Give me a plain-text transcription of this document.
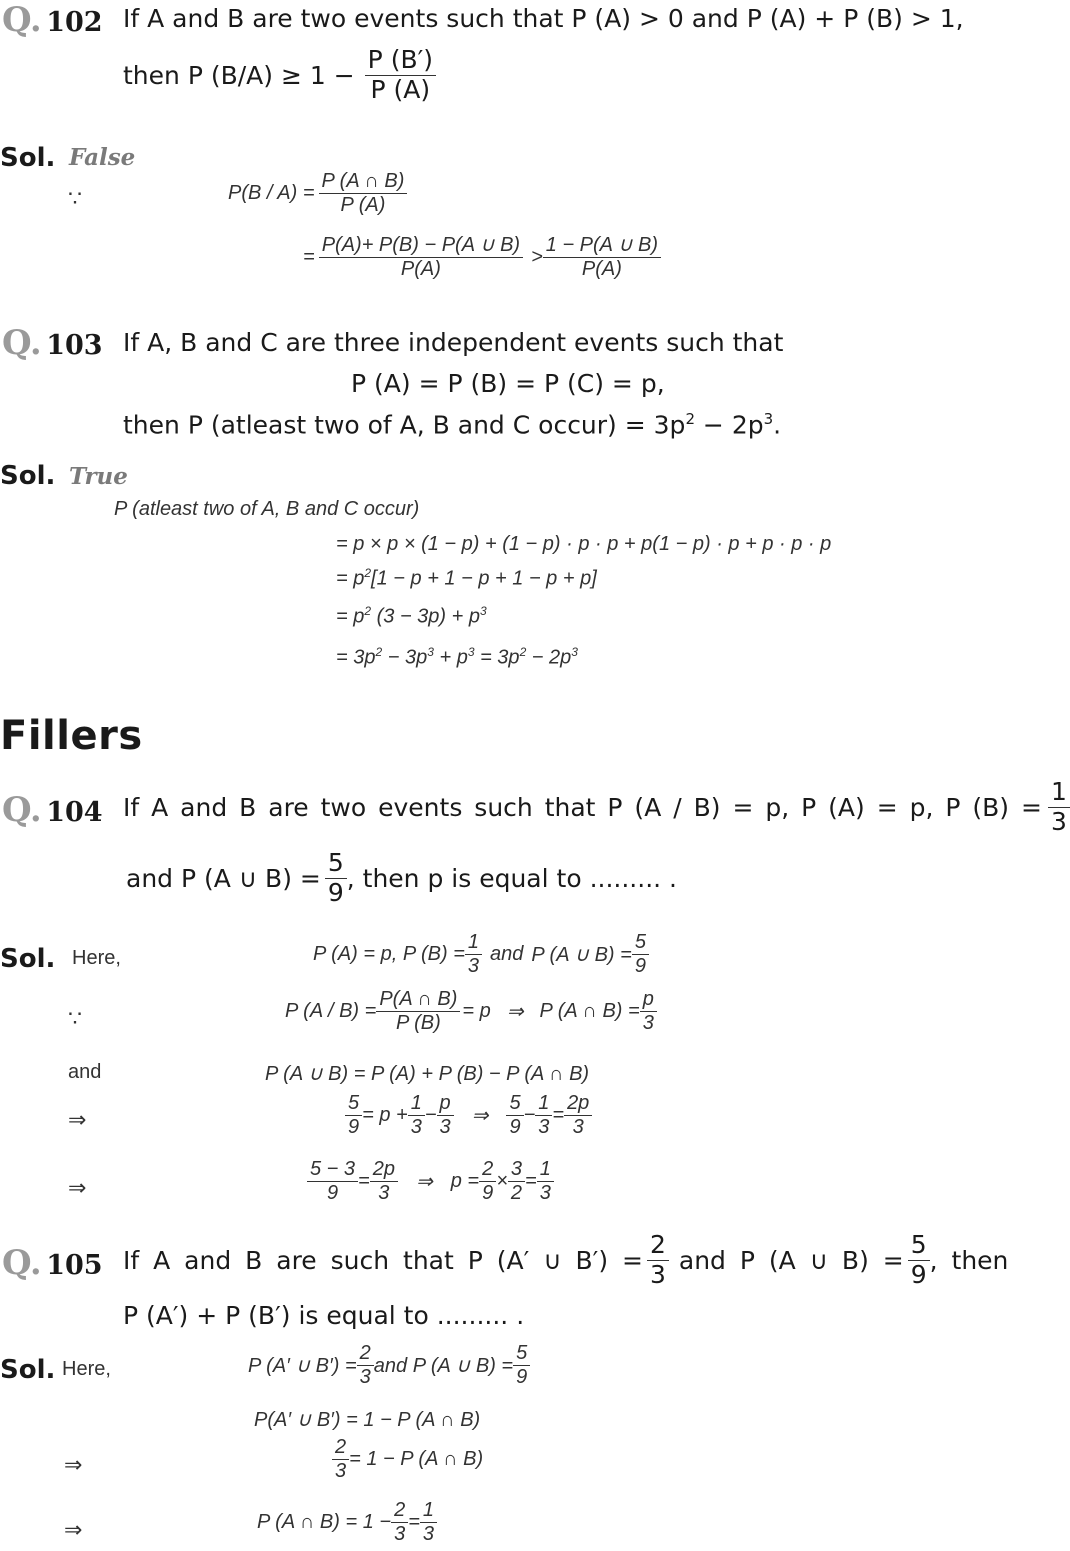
Q. 102 If A and B are two events such that P (A) > 0 and P (A) + P (B) > 1,
then P $(B/A) \ge 1 - \frac{P (B')}{P (A)}$
Sol. False
∵	$P(B / A) = \frac{P (A \cap B)}{P (A)}$
= $\frac{P(A)+ P(B) - P(A \cup B)}{P(A)} > \frac{1 - P(A \cup B)}{P(A)}$
Q. 103 If A, B and C are three independent events such that
P (A) = P (B) = P (C) = p,
then P (atleast two of A, B and C occur) = $3p^2 - 2p^3$.
Sol. True
P (atleast two of A, B and C occur)
= p × p × (1 − p) + (1 − p) · p · p + p(1 − p) · p + p · p · p
= $p^2[1 - p + 1 - p + 1 - p + p]$
= $p^2$ $(3 - 3p) + p^3$
= $3p^2 - 3p^3 + p^3 = 3p^2 - 2p^3$
Fillers
Q. 104 If A and B are two events such that P (A / B) = p, P (A) = p, P $(B) = \frac{1}{3}$
and P (A ∪ $B) = \frac{5}{9}$ , then p is equal to ......... .
Sol. Here,	P (A) = p, P $(B) = \frac{1}{3}$ and P (A ∪ $B) = \frac{5}{9}$
∵	P $(A / B) = \frac{P(A \cap B)}{P (B)} = p$ ⇒ P (A ∩ $B) = \frac{p}{3}$
and	P (A ∪ B) = P (A) + P (B) − P (A ∩ B)
⇒	$\frac{5}{9} = p + \frac{1}{3} - \frac{p}{3}$ ⇒ $\frac{5}{9} - \frac{1}{3} = \frac{2p}{3}$
⇒	$\frac{5 - 3}{9} = \frac{2p}{3}$ ⇒ $p = \frac{2}{9} \times \frac{3}{2} = \frac{1}{3}$
Q. 105 If A and B are such that P (A′ ∪ $B') = \frac{2}{3}$ and P (A ∪ $B) = \frac{5}{9}$ , then
P (A′) + P (B′) is equal to ......... .
Sol. Here,	P (A′ ∪ $B') = \frac{2}{3}$ and P (A ∪ $B) = \frac{5}{9}$
P(A′ ∪ B′) = 1 − P (A ∩ B)
⇒	$\frac{2}{3} = 1 - P$ (A ∩ B)
⇒	P (A ∩ $B) = 1 - \frac{2}{3} = \frac{1}{3}$
